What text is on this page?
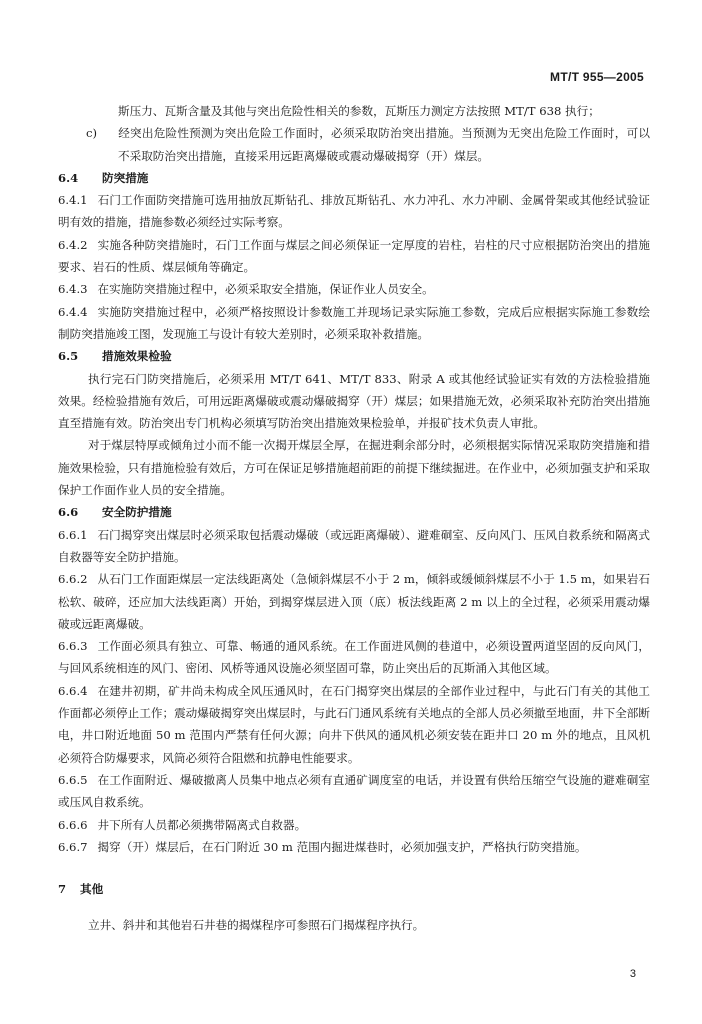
MT/T 955—2005

斯压力、瓦斯含量及其他与突出危险性相关的参数，瓦斯压力测定方法按照 MT/T 638 执行；

c) 经突出危险性预测为突出危险工作面时，必须采取防治突出措施。当预测为无突出危险工作面时，可以不采取防治突出措施，直接采用远距离爆破或震动爆破揭穿（开）煤层。

6.4 防突措施

6.4.1 石门工作面防突措施可选用抽放瓦斯钻孔、排放瓦斯钻孔、水力冲孔、水力冲刷、金属骨架或其他经试验证明有效的措施，措施参数必须经过实际考察。

6.4.2 实施各种防突措施时，石门工作面与煤层之间必须保证一定厚度的岩柱，岩柱的尺寸应根据防治突出的措施要求、岩石的性质、煤层倾角等确定。

6.4.3 在实施防突措施过程中，必须采取安全措施，保证作业人员安全。

6.4.4 实施防突措施过程中，必须严格按照设计参数施工并现场记录实际施工参数，完成后应根据实际施工参数绘制防突措施竣工图，发现施工与设计有较大差别时，必须采取补救措施。

6.5 措施效果检验

执行完石门防突措施后，必须采用 MT/T 641、MT/T 833、附录 A 或其他经试验证实有效的方法检验措施效果。经检验措施有效后，可用远距离爆破或震动爆破揭穿（开）煤层；如果措施无效，必须采取补充防治突出措施直至措施有效。防治突出专门机构必须填写防治突出措施效果检验单，并报矿技术负责人审批。

对于煤层特厚或倾角过小而不能一次揭开煤层全厚，在掘进剩余部分时，必须根据实际情况采取防突措施和措施效果检验，只有措施检验有效后，方可在保证足够措施超前距的前提下继续掘进。在作业中，必须加强支护和采取保护工作面作业人员的安全措施。

6.6 安全防护措施

6.6.1 石门揭穿突出煤层时必须采取包括震动爆破（或远距离爆破）、避难硐室、反向风门、压风自救系统和隔离式自救器等安全防护措施。

6.6.2 从石门工作面距煤层一定法线距离处（急倾斜煤层不小于 2 m，倾斜或缓倾斜煤层不小于 1.5 m，如果岩石松软、破碎，还应加大法线距离）开始，到揭穿煤层进入顶（底）板法线距离 2 m 以上的全过程，必须采用震动爆破或远距离爆破。

6.6.3 工作面必须具有独立、可靠、畅通的通风系统。在工作面进风侧的巷道中，必须设置两道坚固的反向风门，与回风系统相连的风门、密闭、风桥等通风设施必须坚固可靠，防止突出后的瓦斯涌入其他区域。

6.6.4 在建井初期，矿井尚未构成全风压通风时，在石门揭穿突出煤层的全部作业过程中，与此石门有关的其他工作面都必须停止工作；震动爆破揭穿突出煤层时，与此石门通风系统有关地点的全部人员必须撤至地面，井下全部断电，井口附近地面 50 m 范围内严禁有任何火源；向井下供风的通风机必须安装在距井口 20 m 外的地点，且风机必须符合防爆要求，风筒必须符合阻燃和抗静电性能要求。

6.6.5 在工作面附近、爆破撤离人员集中地点必须有直通矿调度室的电话，并设置有供给压缩空气设施的避难硐室或压风自救系统。

6.6.6 井下所有人员都必须携带隔离式自救器。

6.6.7 揭穿（开）煤层后，在石门附近 30 m 范围内掘进煤巷时，必须加强支护，严格执行防突措施。

7 其他

立井、斜井和其他岩石井巷的揭煤程序可参照石门揭煤程序执行。

3
